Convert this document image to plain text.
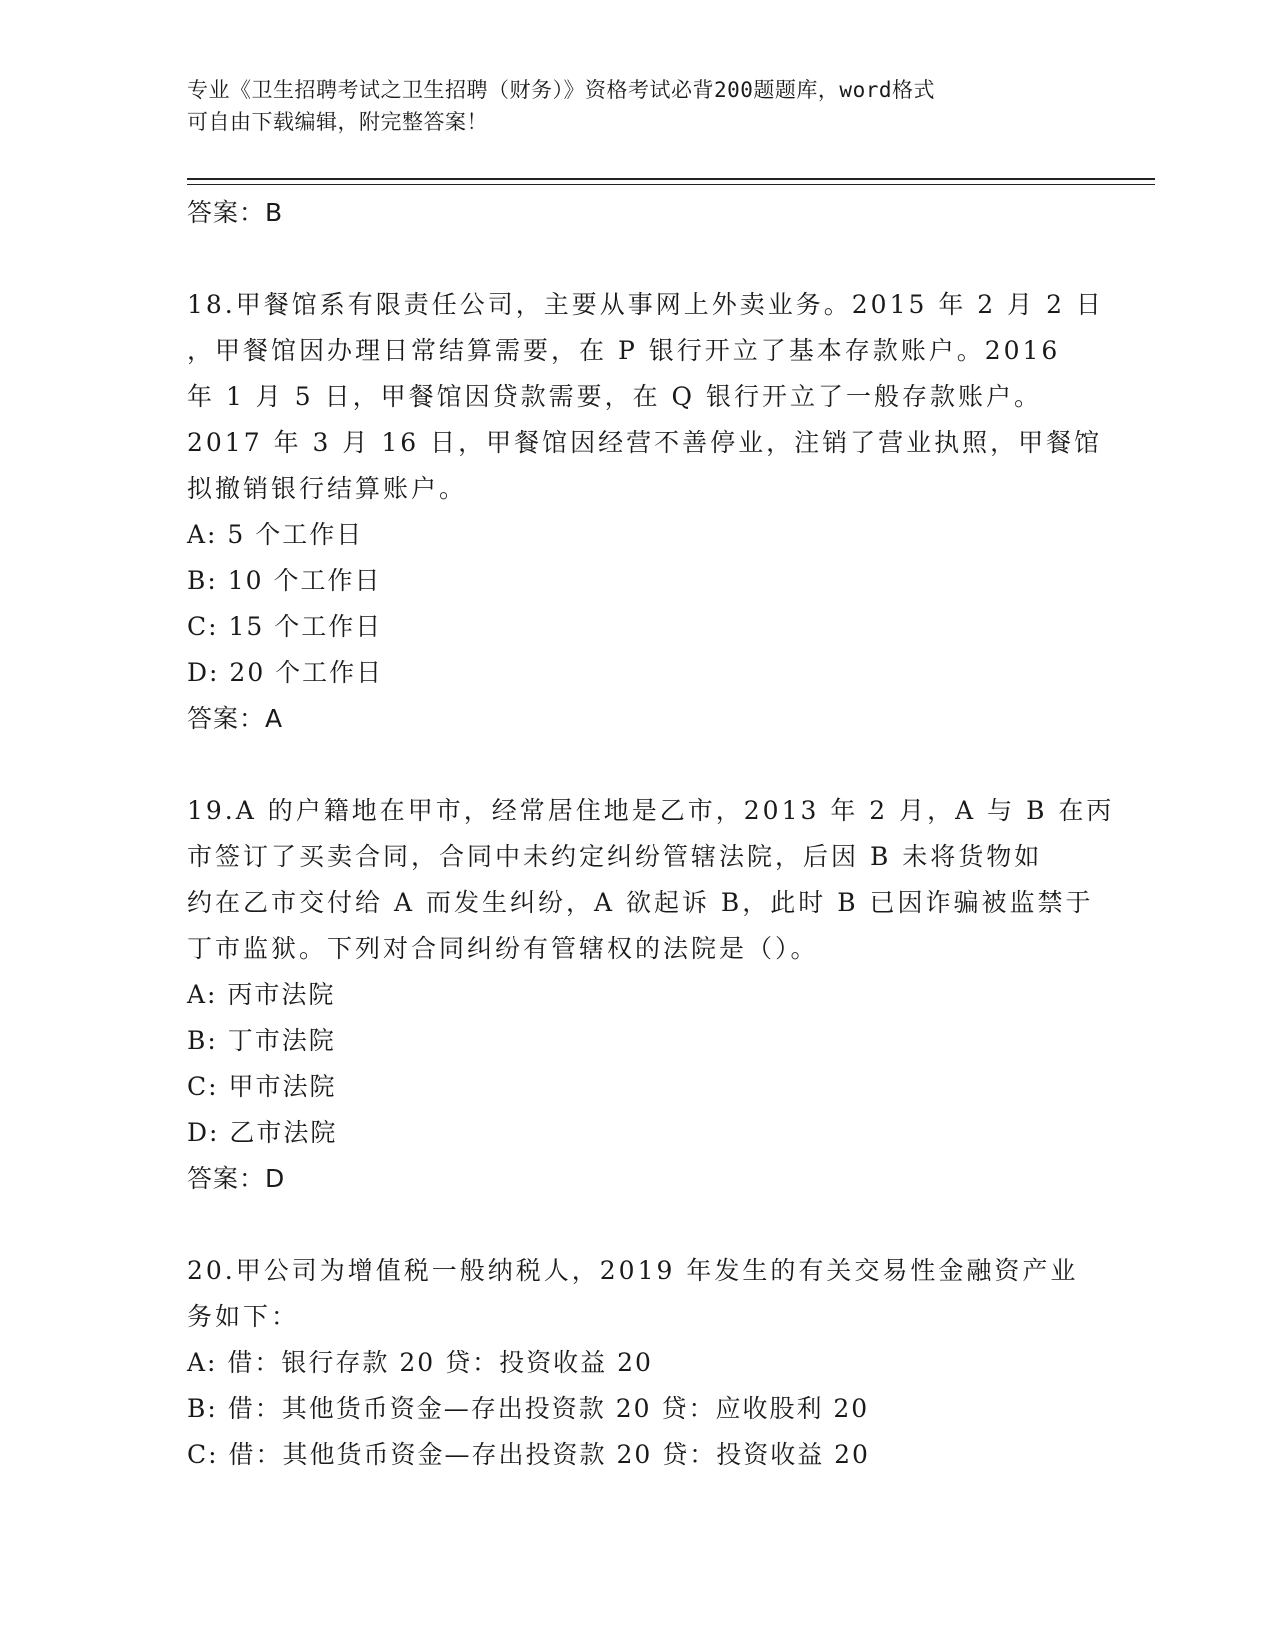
专业《卫生招聘考试之卫生招聘（财务）》资格考试必背200题题库，word格式
可自由下载编辑，附完整答案！
答案：B
18.甲餐馆系有限责任公司，主要从事网上外卖业务。2015 年 2 月 2 日
，甲餐馆因办理日常结算需要，在 P 银行开立了基本存款账户。2016
年 1 月 5 日，甲餐馆因贷款需要，在 Q 银行开立了一般存款账户。
2017 年 3 月 16 日，甲餐馆因经营不善停业，注销了营业执照，甲餐馆
拟撤销银行结算账户。
A: 5 个工作日
B: 10 个工作日
C: 15 个工作日
D: 20 个工作日
答案：A
19.A 的户籍地在甲市，经常居住地是乙市，2013 年 2 月，A 与 B 在丙
市签订了买卖合同，合同中未约定纠纷管辖法院，后因 B 未将货物如
约在乙市交付给 A 而发生纠纷，A 欲起诉 B，此时 B 已因诈骗被监禁于
丁市监狱。下列对合同纠纷有管辖权的法院是（）。
A: 丙市法院
B: 丁市法院
C: 甲市法院
D: 乙市法院
答案：D
20.甲公司为增值税一般纳税人，2019 年发生的有关交易性金融资产业
务如下：
A: 借：银行存款 20 贷：投资收益 20
B: 借：其他货币资金—存出投资款 20 贷：应收股利 20
C: 借：其他货币资金—存出投资款 20 贷：投资收益 20
